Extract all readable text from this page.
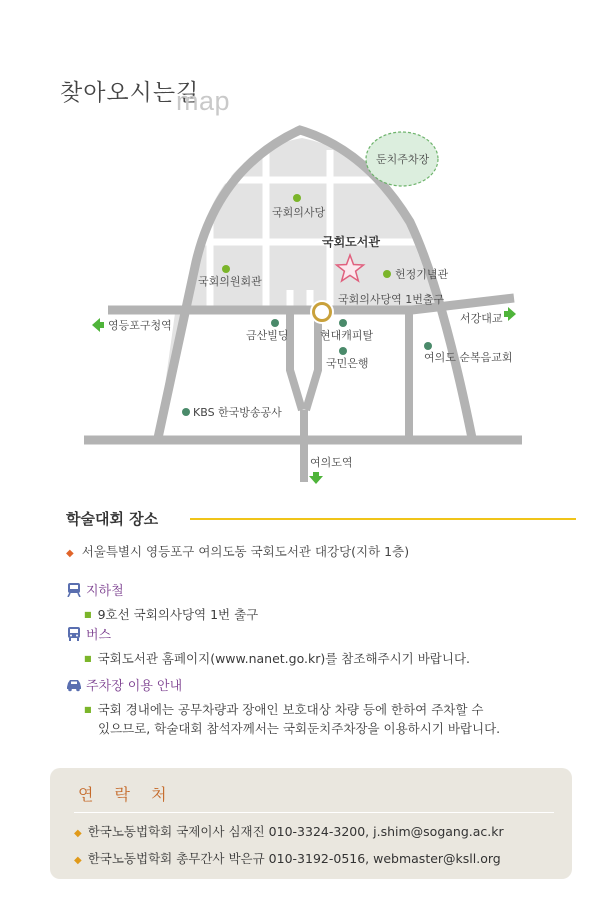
찾아오시는길
map
둔치주차장
국회의사당
국회도서관
헌정기념관
국회의원회관
국회의사당역 1번출구
영등포구청역
서강대교
금산빌딩	현대캐피탈
국민은행	여의도 순복음교회
KBS 한국방송공사
여의도역
학술대회 장소
◆ 서울특별시 영등포구 여의도동 국회도서관 대강당(지하 1층)
지하철
■ 9호선 국회의사당역 1번 출구
버스
■ 국회도서관 홈페이지(www.nanet.go.kr)를 참조해주시기 바랍니다.
주차장 이용 안내
■ 국회 경내에는 공무차량과 장애인 보호대상 차량 등에 한하여 주차할 수
있으므로, 학술대회 참석자께서는 국회둔치주차장을 이용하시기 바랍니다.
연 락 처
◆ 한국노동법학회 국제이사 심재진 010-3324-3200, j.shim@sogang.ac.kr
◆ 한국노동법학회 총무간사 박은규 010-3192-0516, webmaster@ksll.org
